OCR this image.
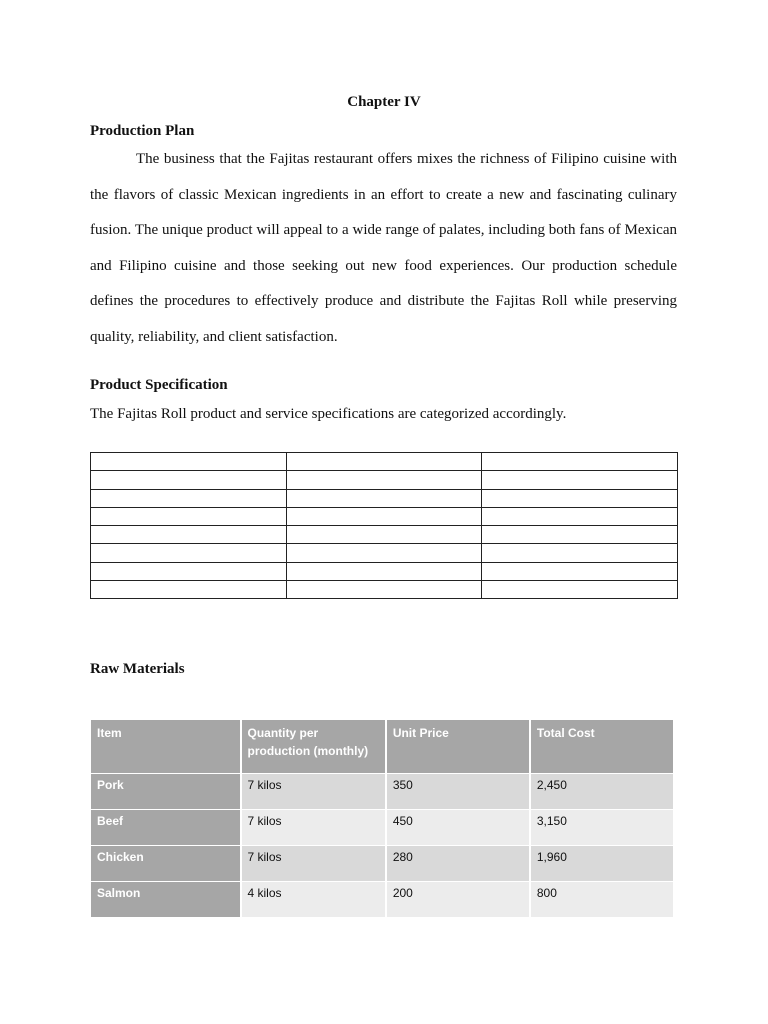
Chapter IV
Production Plan

The business that the Fajitas restaurant offers mixes the richness of Filipino cuisine with the flavors of classic Mexican ingredients in an effort to create a new and fascinating culinary fusion. The unique product will appeal to a wide range of palates, including both fans of Mexican and Filipino cuisine and those seeking out new food experiences. Our production schedule defines the procedures to effectively produce and distribute the Fajitas Roll while preserving quality, reliability, and client satisfaction.

Product Specification
The Fajitas Roll product and service specifications are categorized accordingly.

Raw Materials
Item	Quantity per production (monthly)	Unit Price	Total Cost
Pork	7 kilos	350	2,450
Beef	7 kilos	450	3,150
Chicken	7 kilos	280	1,960
Salmon	4 kilos	200	800
